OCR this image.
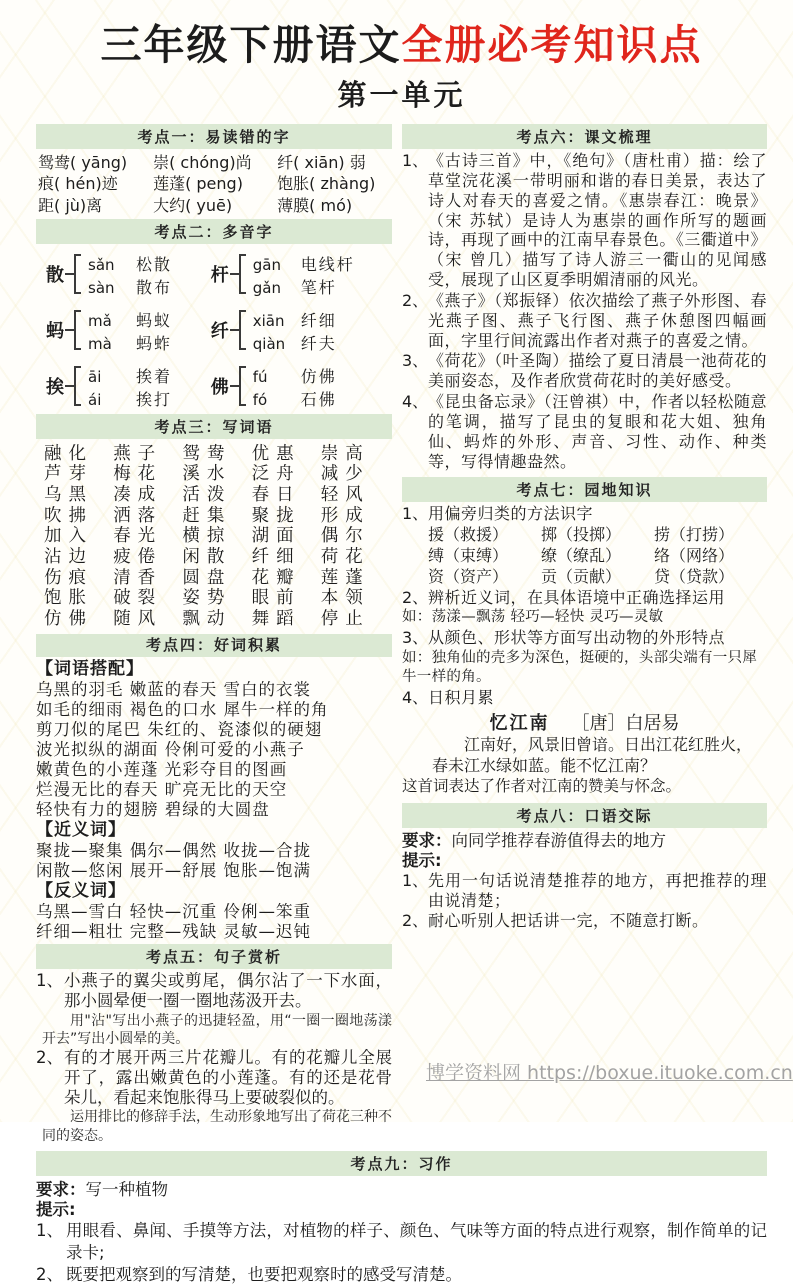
三年级下册语文全册必考知识点
第一单元
考点一：易读错的字
鸳鸯( yāng)	崇( chóng)尚	纤( xiān) 弱
痕( hén)迹	莲蓬( peng)	饱胀( zhàng)
距( jù)离	大约( yuē)	薄膜( mó)
考点二：多音字
散 sǎn	松散
sàn	散布
杆 gān	电线杆
gǎn	笔杆
蚂 mǎ	蚂蚁
mà	蚂蚱
纤 xiān	纤细
qiàn 纤夫
挨 āi	挨着
ái	挨打
佛 fú	仿佛
fó	石佛
考点三：写词语
融化	燕子	鸳鸯	优惠	崇高
芦芽	梅花	溪水	泛舟	减少
乌黑	凑成	活泼	春日	轻风
吹拂	洒落	赶集	聚拢	形成
加入	春光	横掠	湖面	偶尔
沾边	疲倦	闲散	纤细	荷花
伤痕	清香	圆盘	花瓣	莲蓬
饱胀	破裂	姿势	眼前	本领
仿佛	随风	飘动	舞蹈	停止
考点四：好词积累
【词语搭配】
乌黑的羽毛 嫩蓝的春天 雪白的衣裳
如毛的细雨 褐色的口水 犀牛一样的角
剪刀似的尾巴 朱红的、瓷漆似的硬翅
波光拟纵的湖面 伶俐可爱的小燕子
嫩黄色的小莲蓬 光彩夺目的图画
烂漫无比的春天 旷亮无比的天空
轻快有力的翅膀 碧绿的大圆盘
【近义词】
聚拢—聚集 偶尔—偶然 收拢—合拢
闲散—悠闲 展开—舒展 饱胀—饱满
【反义词】
乌黑—雪白 轻快—沉重 伶俐—笨重
纤细—粗壮 完整—残缺 灵敏—迟钝
考点五：句子赏析
1、 小燕子的翼尖或剪尾，偶尔沾了一下水面，那小圆晕便一圈一圈地荡汲开去。
用"沾"写出小燕子的迅捷轻盈，用“一圈一圈地荡漾开去”写出小圆晕的美。
2、 有的才展开两三片花瓣儿。有的花瓣儿全展开了，露出嫩黄色的小莲蓬。有的还是花骨朵儿，看起来饱胀得马上要破裂似的。
运用排比的修辞手法，生动形象地写出了荷花三种不同的姿态。
考点六：课文梳理
1、 《古诗三首》中，《绝句》（唐杜甫）描：绘了草堂浣花溪一带明丽和谐的春日美景，表达了诗人对春天的喜爱之情。《惠崇春江：晚景》（宋 苏轼）是诗人为惠崇的画作所写的题画诗，再现了画中的江南早春景色。《三衢道中》（宋 曾几）描写了诗人游三一衢山的见闻感受，展现了山区夏季明媚清丽的风光。
2、 《燕子》（郑振铎）依次描绘了燕子外形图、春光燕子图、燕子飞行图、燕子休憩图四幅画面，字里行间流露出作者对燕子的喜爱之情。
3、 《荷花》（叶圣陶）描绘了夏日清晨一池荷花的美丽姿态，及作者欣赏荷花时的美好感受。
4、 《昆虫备忘录》（汪曾祺）中，作者以轻松随意的笔调，描写了昆虫的复眼和花大姐、独角仙、蚂炸的外形、声音、习性、动作、种类等，写得情趣盎然。
考点七：园地知识
1、 用偏旁归类的方法识字
援（救援）	掷（投掷）	捞（打捞）
缚（束缚）	缭（缭乱）	络（网络）
资（资产）	贡（贡献）	贷（贷款）
2、 辨析近义词，在具体语境中正确选择运用
如：荡漾—飘荡 轻巧—轻快 灵巧—灵敏
3、 从颜色、形状等方面写出动物的外形特点
如：独角仙的壳多为深色，挺硬的，头部尖端有一只犀牛一样的角。
4、 日积月累
忆江南 ［唐］白居易
江南好，风景旧曾谙。日出江花红胜火，春未江水绿如蓝。能不忆江南？
这首词表达了作者对江南的赞美与怀念。
考点八：口语交际
要求：向同学推荐春游值得去的地方
提示:
1、 先用一句话说清楚推荐的地方，再把推荐的理由说清楚；
2、 耐心听别人把话讲一完，不随意打断。
考点九：习作
要求：写一种植物
提示:
1、 用眼看、鼻闻、手摸等方法，对植物的样子、颜色、气味等方面的特点进行观察，制作简单的记录卡;
2、 既要把观察到的写清楚，也要把观察时的感受写清楚。
博学资料网 https://boxue.ituoke.com.cn
